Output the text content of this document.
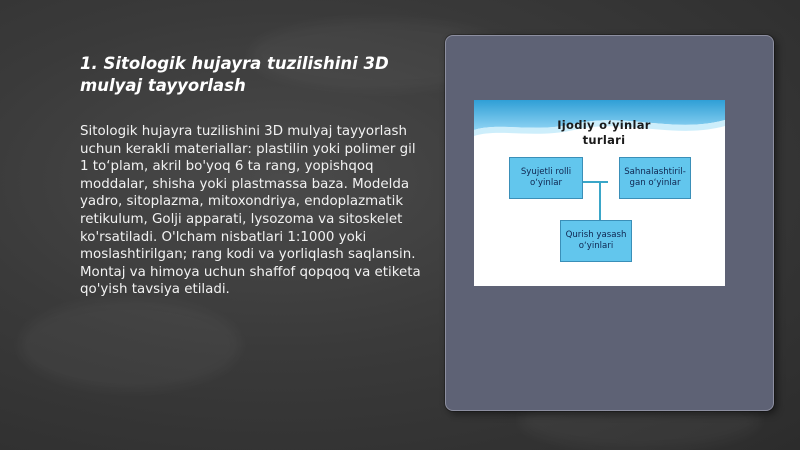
1. Sitologik hujayra tuzilishini 3D mulyaj tayyorlash
Sitologik hujayra tuzilishini 3D mulyaj tayyorlash uchun kerakli materiallar: plastilin yoki polimer gil 1 to‘plam, akril bo'yoq 6 ta rang, yopishqoq moddalar, shisha yoki plastmassa baza. Modelda yadro, sitoplazma, mitoxondriya, endoplazmatik retikulum, Golji apparati, lysozoma va sitoskelet ko'rsatiladi. O'lcham nisbatlari 1:1000 yoki moslashtirilgan; rang kodi va yorliqlash saqlansin. Montaj va himoya uchun shaffof qopqoq va etiketa qo'yish tavsiya etiladi.
Ijodiy o‘yinlar
turlari
Syujetli rolli
o‘yinlar
Sahnalashtiril-
gan o‘yinlar
Qurish yasash
o‘yinlari
